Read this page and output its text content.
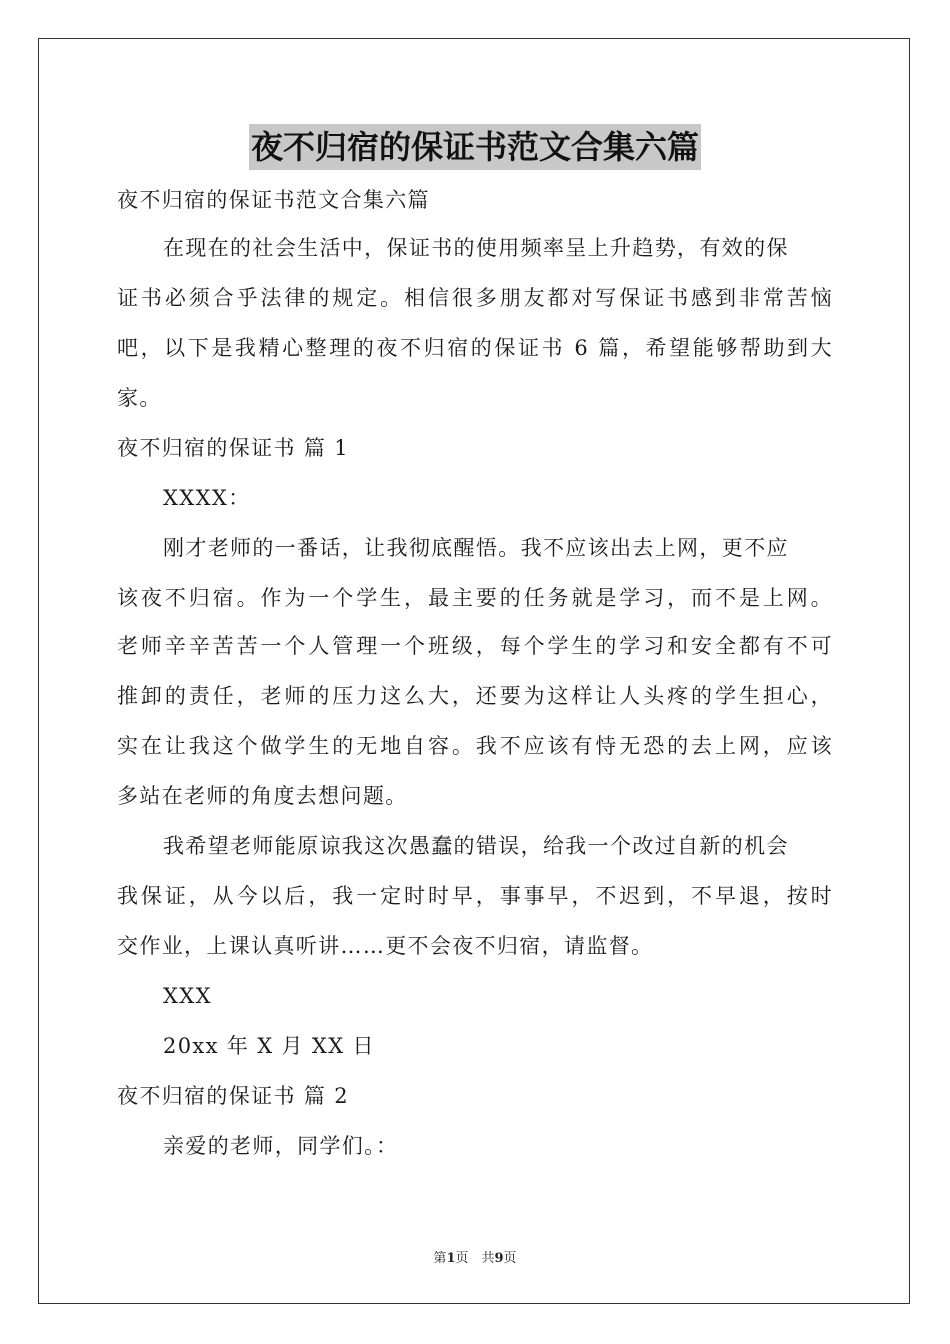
夜不归宿的保证书范文合集六篇
夜不归宿的保证书范文合集六篇
在现在的社会生活中，保证书的使用频率呈上升趋势，有效的保
证书必须合乎法律的规定。相信很多朋友都对写保证书感到非常苦恼
吧，以下是我精心整理的夜不归宿的保证书 6 篇，希望能够帮助到大
家。
夜不归宿的保证书 篇 1
XXXX：
刚才老师的一番话，让我彻底醒悟。我不应该出去上网，更不应
该夜不归宿。作为一个学生，最主要的任务就是学习，而不是上网。
老师辛辛苦苦一个人管理一个班级，每个学生的学习和安全都有不可
推卸的责任，老师的压力这么大，还要为这样让人头疼的学生担心，
实在让我这个做学生的无地自容。我不应该有恃无恐的去上网，应该
多站在老师的角度去想问题。
我希望老师能原谅我这次愚蠢的错误，给我一个改过自新的机会
我保证，从今以后，我一定时时早，事事早，不迟到，不早退，按时
交作业，上课认真听讲……更不会夜不归宿，请监督。
XXX
20xx 年 X 月 XX 日
夜不归宿的保证书 篇 2
亲爱的老师，同学们。：
第1页　共9页
